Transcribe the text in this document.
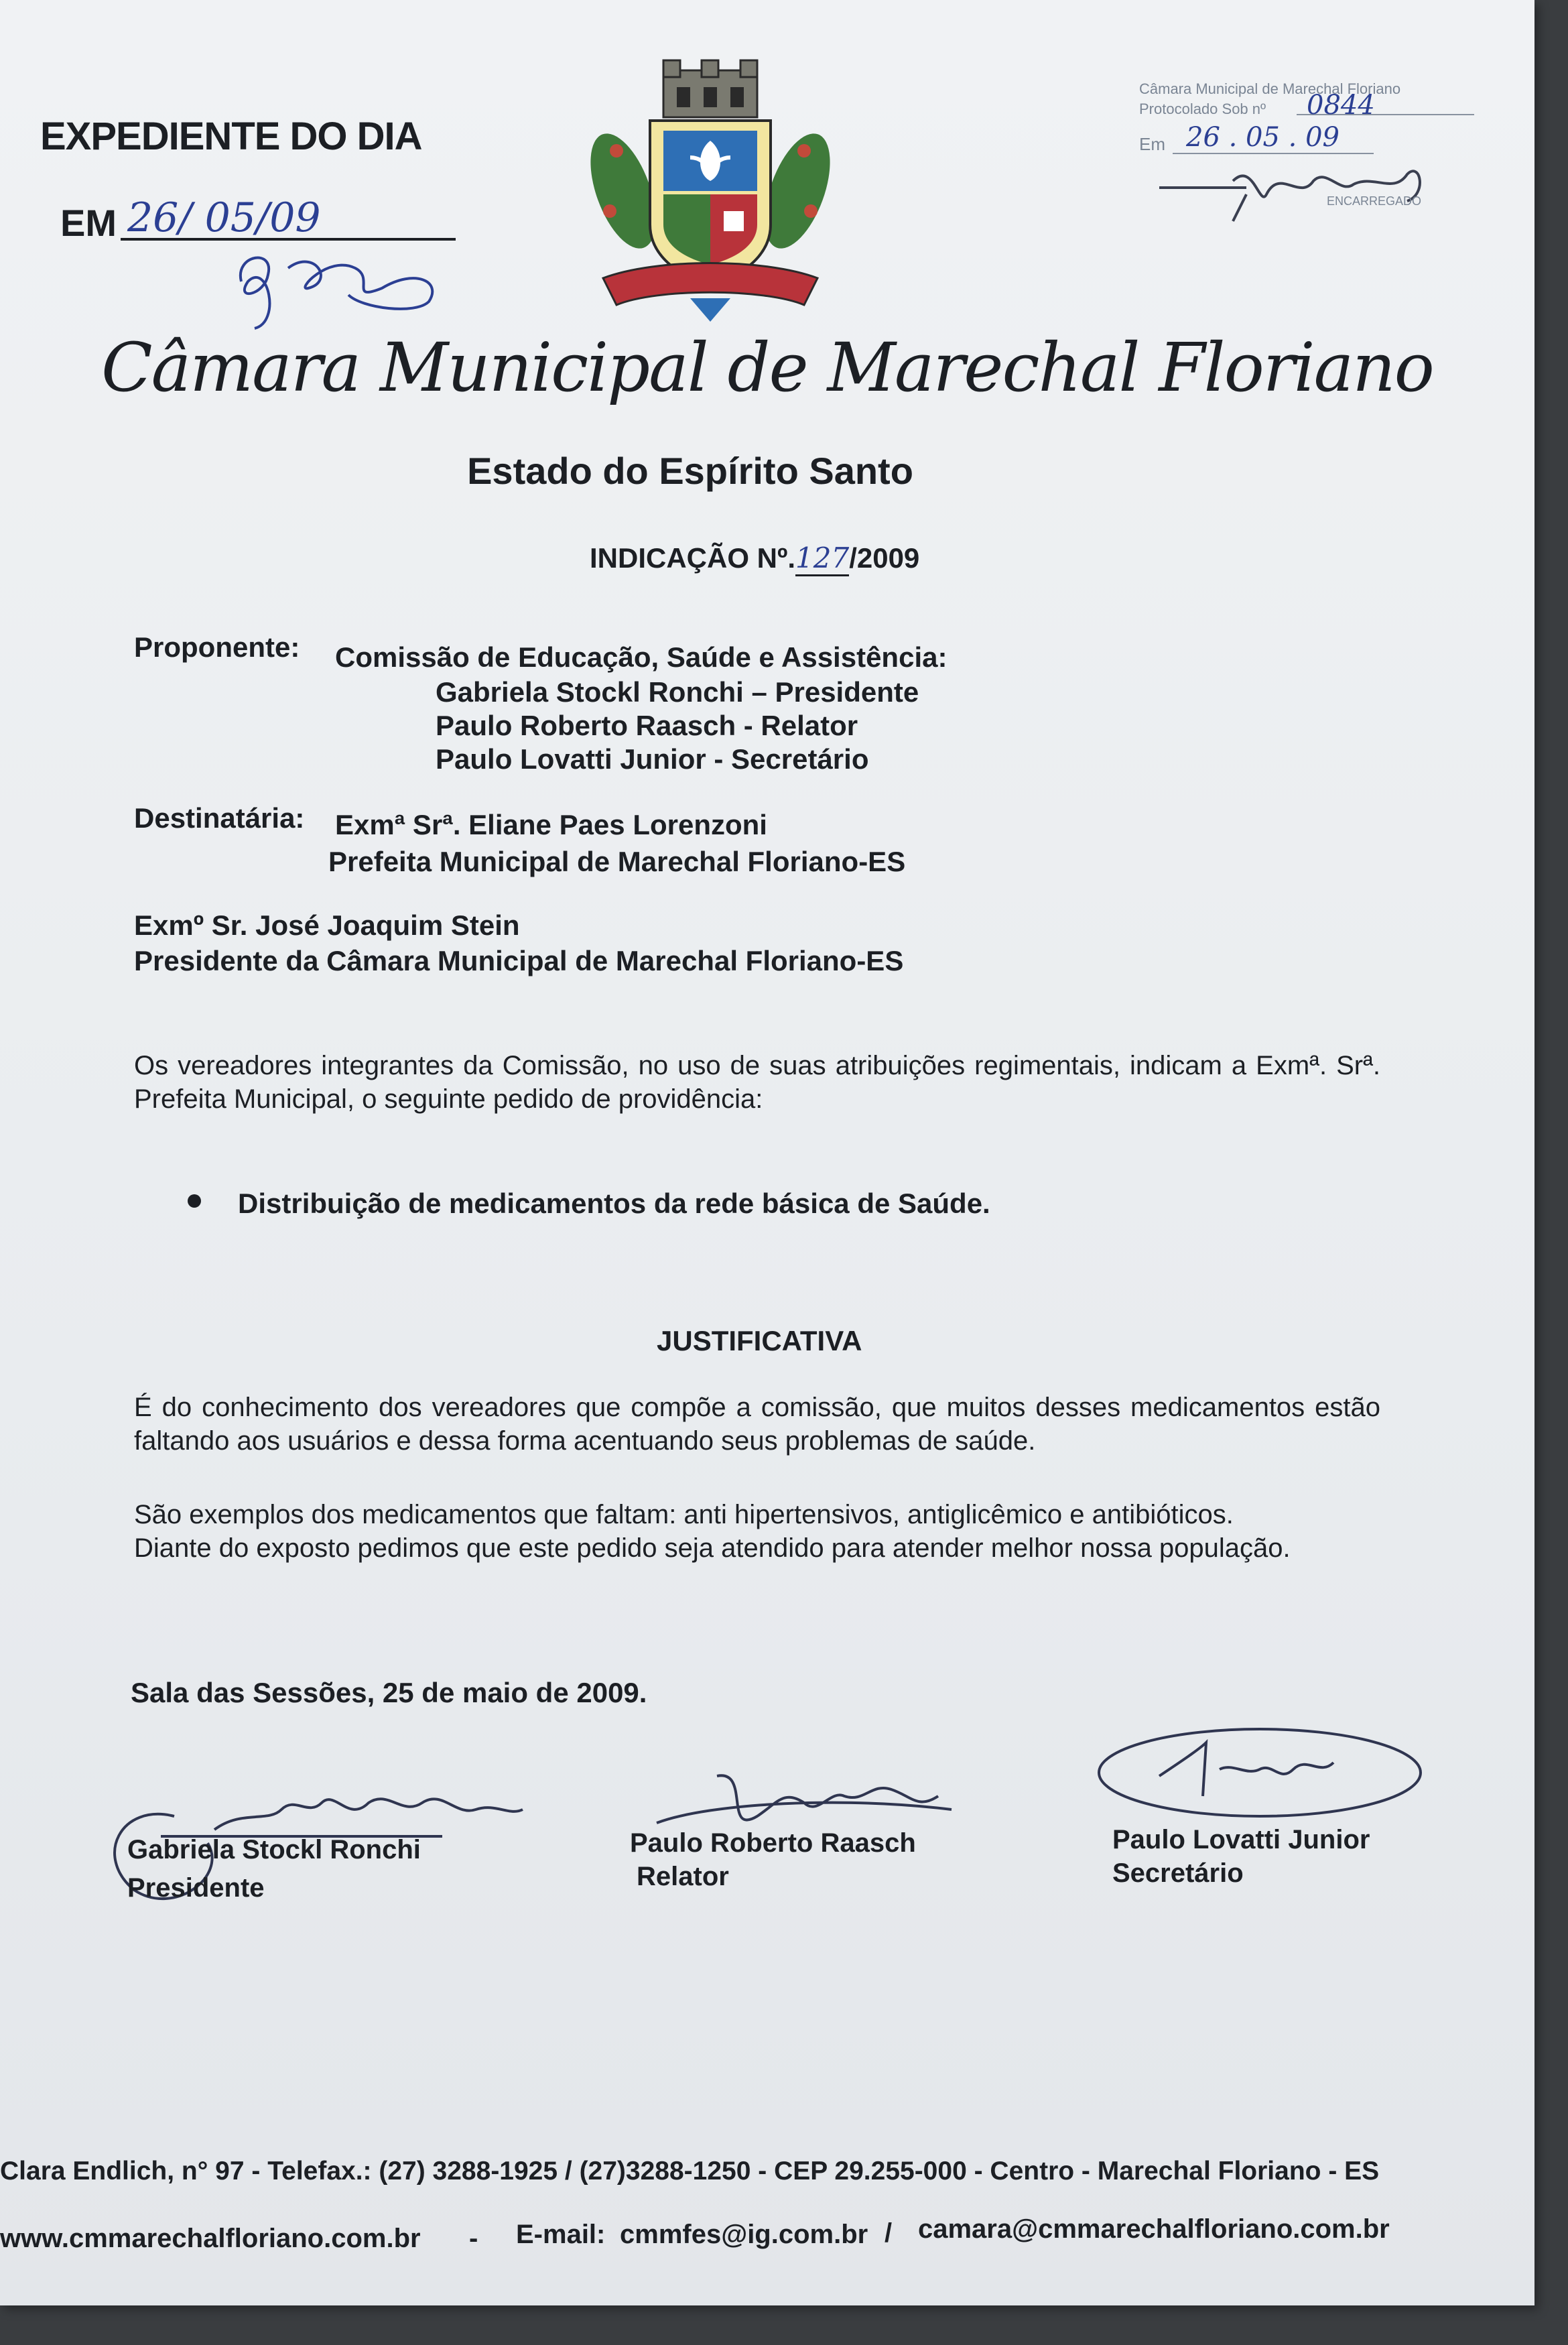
EXPEDIENTE DO DIA
EM 26/ 05/09
Câmara Municipal de Marechal Floriano
Protocolado Sob nº 0844
Em 26 . 05 . 09
ENCARREGADO
Câmara Municipal de Marechal Floriano
Estado do Espírito Santo
INDICAÇÃO Nº.127/2009
Proponente: Comissão de Educação, Saúde e Assistência:
Gabriela Stockl Ronchi – Presidente
Paulo Roberto Raasch - Relator
Paulo Lovatti Junior - Secretário
Destinatária: Exmª Srª. Eliane Paes Lorenzoni
Prefeita Municipal de Marechal Floriano-ES
Exmº Sr. José Joaquim Stein
Presidente da Câmara Municipal de Marechal Floriano-ES
Os vereadores integrantes da Comissão, no uso de suas atribuições regimentais, indicam a Exmª. Srª. Prefeita Municipal, o seguinte pedido de providência:
Distribuição de medicamentos da rede básica de Saúde.
JUSTIFICATIVA
É do conhecimento dos vereadores que compõe a comissão, que muitos desses medicamentos estão faltando aos usuários e dessa forma acentuando seus problemas de saúde.
São exemplos dos medicamentos que faltam: anti hipertensivos, antiglicêmico e antibióticos.
Diante do exposto pedimos que este pedido seja atendido para atender melhor nossa população.
Sala das Sessões, 25 de maio de 2009.
Gabriela Stockl Ronchi
Presidente
Paulo Roberto Raasch
Relator
Paulo Lovatti Junior
Secretário
Clara Endlich, n° 97 - Telefax.: (27) 3288-1925 / (27)3288-1250 - CEP 29.255-000 - Centro - Marechal Floriano - ES
www.cmmarechalfloriano.com.br - E-mail: cmmfes@ig.com.br / camara@cmmarechalfloriano.com.br
